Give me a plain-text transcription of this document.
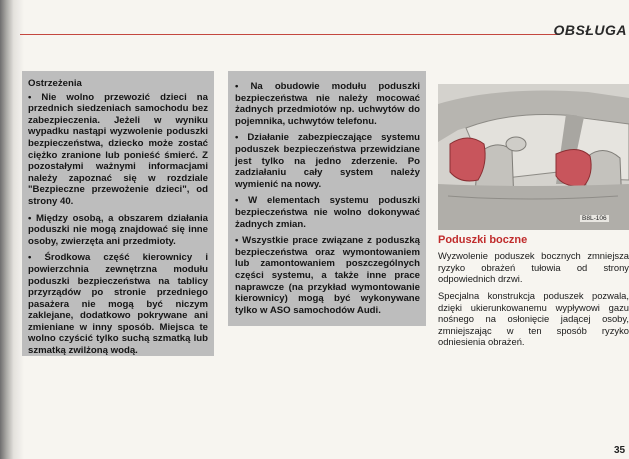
OBSŁUGA

Ostrzeżenia

• Nie wolno przewozić dzieci na przednich siedzeniach samochodu bez zabezpieczenia. Jeżeli w wyniku wypadku nastąpi wyzwolenie poduszki bezpieczeństwa, dziecko może zostać ciężko zranione lub ponieść śmierć. Z pozostałymi ważnymi informacjami należy zapoznać się w rozdziale "Bezpieczne przewożenie dzieci", od strony 40.

• Między osobą, a obszarem działania poduszki nie mogą znajdować się inne osoby, zwierzęta ani przedmioty.

• Środkowa część kierownicy i powierzchnia zewnętrzna modułu poduszki bezpieczeństwa na tablicy przyrządów po stronie przedniego pasażera nie mogą być niczym zaklejane, dodatkowo pokrywane ani zmieniane w inny sposób. Miejsca te wolno czyścić tylko suchą szmatką lub szmatką zwilżoną wodą.

• Na obudowie modułu poduszki bezpieczeństwa nie należy mocować żadnych przedmiotów np. uchwytów do pojemnika, uchwytów telefonu.

• Działanie zabezpieczające systemu poduszek bezpieczeństwa przewidziane jest tylko na jedno zderzenie. Po zadziałaniu cały system należy wymienić na nowy.

• W elementach systemu poduszki bezpieczeństwa nie wolno dokonywać żadnych zmian.

• Wszystkie prace związane z poduszką bezpieczeństwa oraz wymontowaniem lub zamontowaniem poszczególnych części systemu, a także inne prace naprawcze (na przykład wymontowanie kierownicy) mogą być wykonywane tylko w ASO samochodów Audi.

B8L-106
Poduszki boczne

Wyzwolenie poduszek bocznych zmniejsza ryzyko obrażeń tułowia od strony odpowiednich drzwi.

Specjalna konstrukcja poduszek pozwala, dzięki ukierunkowanemu wypływowi gazu nośnego na osłonięcie jadącej osoby, zmniejszając w ten sposób ryzyko odniesienia obrażeń.

35
